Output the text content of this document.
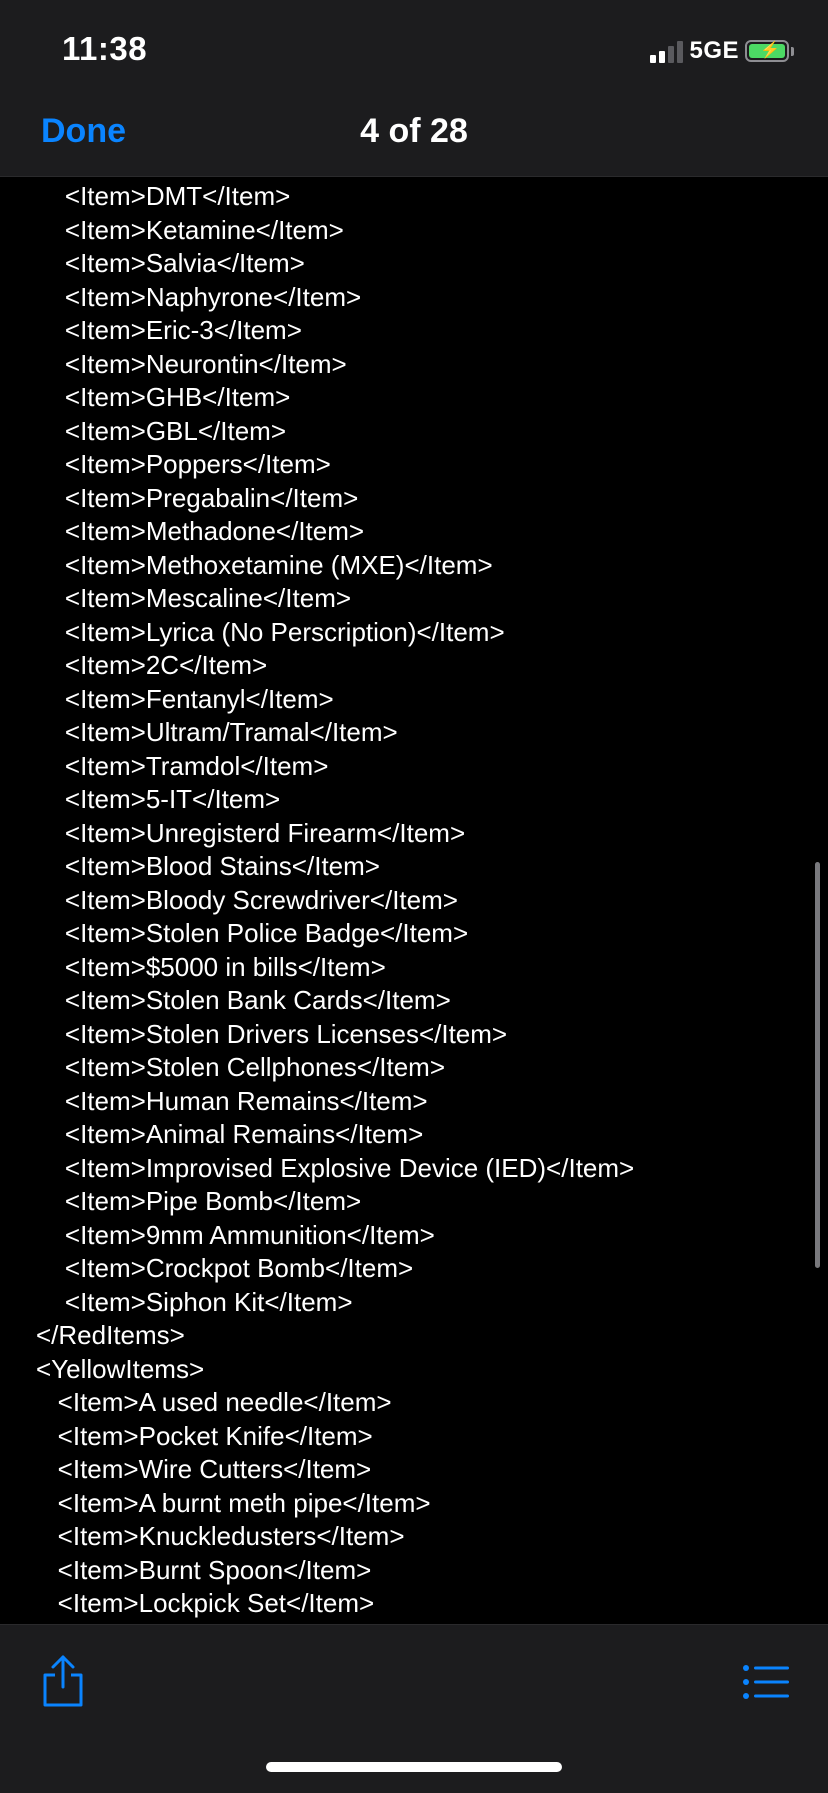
11:38	5GE ⚡
Done	4 of 28
<Item>DMT</Item>
<Item>Ketamine</Item>
<Item>Salvia</Item>
<Item>Naphyrone</Item>
<Item>Eric-3</Item>
<Item>Neurontin</Item>
<Item>GHB</Item>
<Item>GBL</Item>
<Item>Poppers</Item>
<Item>Pregabalin</Item>
<Item>Methadone</Item>
<Item>Methoxetamine (MXE)</Item>
<Item>Mescaline</Item>
<Item>Lyrica (No Perscription)</Item>
<Item>2C</Item>
<Item>Fentanyl</Item>
<Item>Ultram/Tramal</Item>
<Item>Tramdol</Item>
<Item>5-IT</Item>
<Item>Unregisterd Firearm</Item>
<Item>Blood Stains</Item>
<Item>Bloody Screwdriver</Item>
<Item>Stolen Police Badge</Item>
<Item>$5000 in bills</Item>
<Item>Stolen Bank Cards</Item>
<Item>Stolen Drivers Licenses</Item>
<Item>Stolen Cellphones</Item>
<Item>Human Remains</Item>
<Item>Animal Remains</Item>
<Item>Improvised Explosive Device (IED)</Item>
<Item>Pipe Bomb</Item>
<Item>9mm Ammunition</Item>
<Item>Crockpot Bomb</Item>
<Item>Siphon Kit</Item>
</RedItems>
<YellowItems>
<Item>A used needle</Item>
<Item>Pocket Knife</Item>
<Item>Wire Cutters</Item>
<Item>A burnt meth pipe</Item>
<Item>Knuckledusters</Item>
<Item>Burnt Spoon</Item>
<Item>Lockpick Set</Item>
